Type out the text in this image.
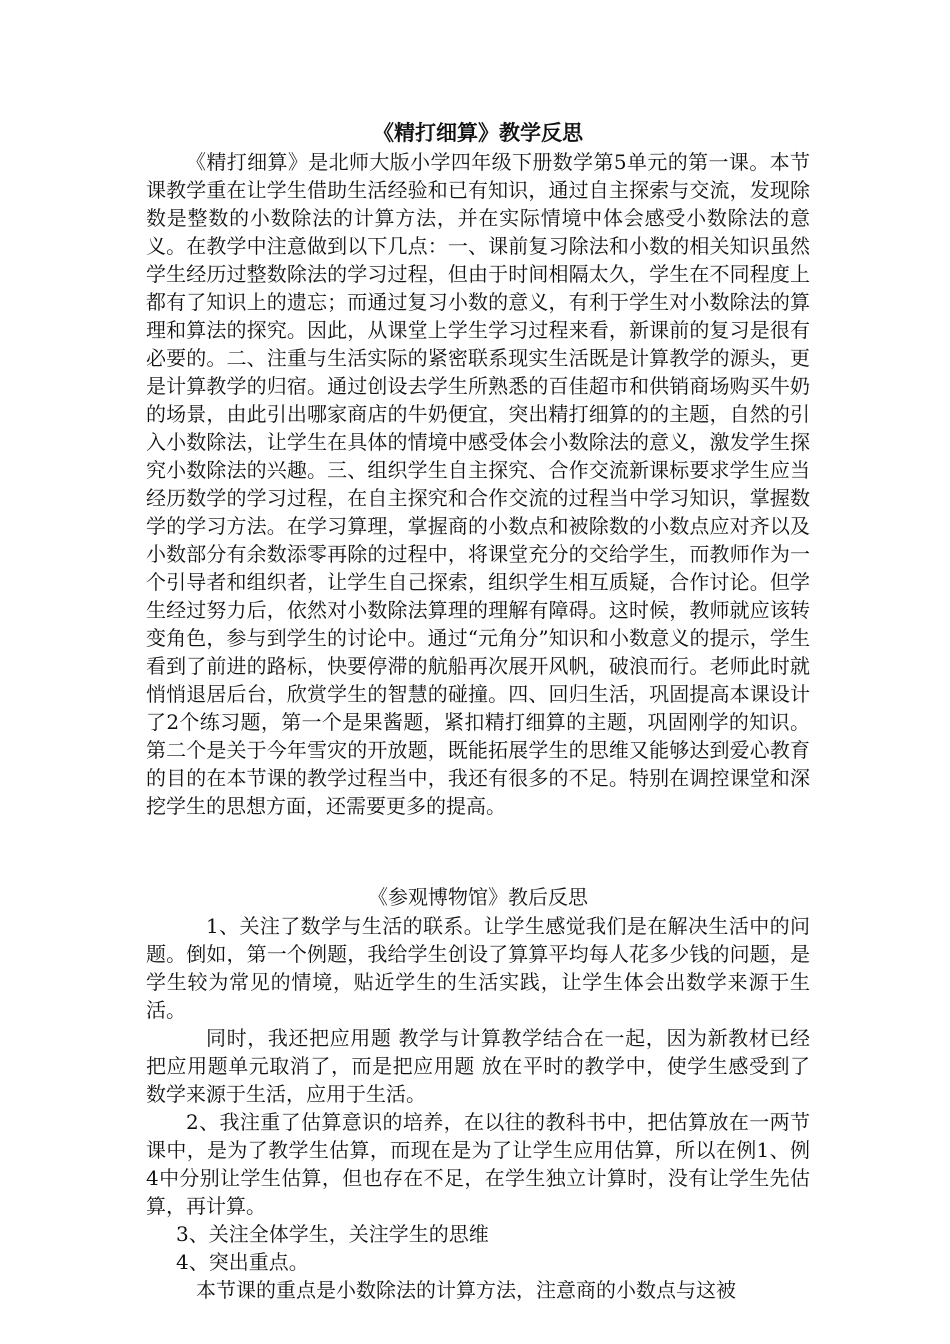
《精打细算》教学反思

《精打细算》是北师大版小学四年级下册数学第5单元的第一课。本节课教学重在让学生借助生活经验和已有知识，通过自主探索与交流，发现除数是整数的小数除法的计算方法，并在实际情境中体会感受小数除法的意义。在教学中注意做到以下几点：一、课前复习除法和小数的相关知识虽然学生经历过整数除法的学习过程，但由于时间相隔太久，学生在不同程度上都有了知识上的遗忘；而通过复习小数的意义，有利于学生对小数除法的算理和算法的探究。因此，从课堂上学生学习过程来看，新课前的复习是很有必要的。二、注重与生活实际的紧密联系现实生活既是计算教学的源头，更是计算教学的归宿。通过创设去学生所熟悉的百佳超市和供销商场购买牛奶的场景，由此引出哪家商店的牛奶便宜，突出精打细算的的主题，自然的引入小数除法，让学生在具体的情境中感受体会小数除法的意义，激发学生探究小数除法的兴趣。三、组织学生自主探究、合作交流新课标要求学生应当经历数学的学习过程，在自主探究和合作交流的过程当中学习知识，掌握数学的学习方法。在学习算理，掌握商的小数点和被除数的小数点应对齐以及小数部分有余数添零再除的过程中，将课堂充分的交给学生，而教师作为一个引导者和组织者，让学生自己探索，组织学生相互质疑，合作讨论。但学生经过努力后，依然对小数除法算理的理解有障碍。这时候，教师就应该转变角色，参与到学生的讨论中。通过“元角分”知识和小数意义的提示，学生看到了前进的路标，快要停滞的航船再次展开风帆，破浪而行。老师此时就悄悄退居后台，欣赏学生的智慧的碰撞。四、回归生活，巩固提高本课设计了2个练习题，第一个是果酱题，紧扣精打细算的主题，巩固刚学的知识。第二个是关于今年雪灾的开放题，既能拓展学生的思维又能够达到爱心教育的目的在本节课的教学过程当中，我还有很多的不足。特别在调控课堂和深挖学生的思想方面，还需要更多的提高。

《参观博物馆》教后反思

1、关注了数学与生活的联系。让学生感觉我们是在解决生活中的问题。倒如，第一个例题，我给学生创设了算算平均每人花多少钱的问题，是学生较为常见的情境，贴近学生的生活实践，让学生体会出数学来源于生活。

同时，我还把应用题 教学与计算教学结合在一起，因为新教材已经把应用题单元取消了，而是把应用题 放在平时的教学中，使学生感受到了数学来源于生活，应用于生活。

2、我注重了估算意识的培养，在以往的教科书中，把估算放在一两节课中，是为了教学生估算，而现在是为了让学生应用估算，所以在例1、例4中分别让学生估算，但也存在不足，在学生独立计算时，没有让学生先估算，再计算。

3、关注全体学生，关注学生的思维

4、突出重点。

本节课的重点是小数除法的计算方法，注意商的小数点与这被
